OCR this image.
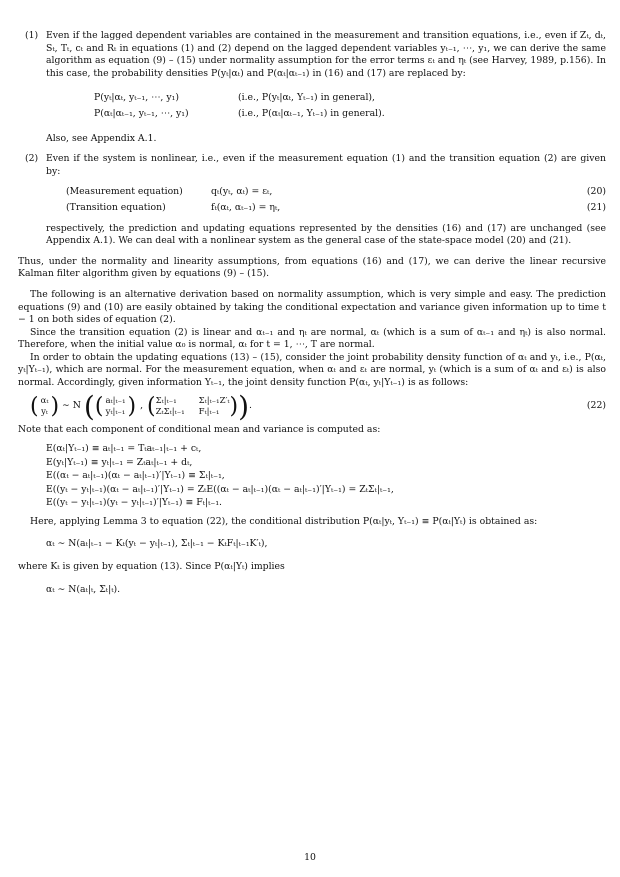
(1) Even if the lagged dependent variables are contained in the measurement and transition equations, i.e., even if Zₜ, dₜ, Sₜ, Tₜ, cₜ and Rₜ in equations (1) and (2) depend on the lagged dependent variables yₜ₋₁, ⋯, y₁, we can derive the same algorithm as equation (9) – (15) under normality assumption for the error terms εₜ and ηₜ (see Harvey, 1989, p.156). In this case, the probability densities P(yₜ|αₜ) and P(αₜ|αₜ₋₁) in (16) and (17) are replaced by:

P(yₜ|αₜ, yₜ₋₁, ⋯, y₁)	(i.e., P(yₜ|αₜ, Yₜ₋₁) in general),
P(αₜ|αₜ₋₁, yₜ₋₁, ⋯, y₁)	(i.e., P(αₜ|αₜ₋₁, Yₜ₋₁) in general).

Also, see Appendix A.1.

(2) Even if the system is nonlinear, i.e., even if the measurement equation (1) and the transition equation (2) are given by:

(Measurement equation)	qₜ(yₜ, αₜ) = εₜ,	(20)
(Transition equation)	fₜ(αₜ, αₜ₋₁) = ηₜ,	(21)

respectively, the prediction and updating equations represented by the densities (16) and (17) are unchanged (see Appendix A.1). We can deal with a nonlinear system as the general case of the state-space model (20) and (21).

Thus, under the normality and linearity assumptions, from equations (16) and (17), we can derive the linear recursive Kalman filter algorithm given by equations (9) – (15).

The following is an alternative derivation based on normality assumption, which is very simple and easy. The prediction equations (9) and (10) are easily obtained by taking the conditional expectation and variance given information up to time t − 1 on both sides of equation (2).

Since the transition equation (2) is linear and αₜ₋₁ and ηₜ are normal, αₜ (which is a sum of αₜ₋₁ and ηₜ) is also normal. Therefore, when the initial value α₀ is normal, αₜ for t = 1, ⋯, T are normal.

In order to obtain the updating equations (13) – (15), consider the joint probability density function of αₜ and yₜ, i.e., P(αₜ, yₜ|Yₜ₋₁), which are normal. For the measurement equation, when αₜ and εₜ are normal, yₜ (which is a sum of αₜ and εₜ) is also normal. Accordingly, given information Yₜ₋₁, the joint density function P(αₜ, yₜ|Yₜ₋₁) is as follows:

( αₜ
yₜ ) ∼ N ( ( aₜ|ₜ₋₁
yₜ|ₜ₋₁ ) , ( Σₜ|ₜ₋₁	Σₜ|ₜ₋₁Z′ₜ
ZₜΣₜ|ₜ₋₁ Fₜ|ₜ₋₁ ) ) .	(22)

Note that each component of conditional mean and variance is computed as:

E(αₜ|Yₜ₋₁) ≡ aₜ|ₜ₋₁ = Tₜaₜ₋₁|ₜ₋₁ + cₜ,
E(yₜ|Yₜ₋₁) ≡ yₜ|ₜ₋₁ = Zₜaₜ|ₜ₋₁ + dₜ,
E((αₜ − aₜ|ₜ₋₁)(αₜ − aₜ|ₜ₋₁)′|Yₜ₋₁) ≡ Σₜ|ₜ₋₁,
E((yₜ − yₜ|ₜ₋₁)(αₜ − aₜ|ₜ₋₁)′|Yₜ₋₁) = ZₜE((αₜ − aₜ|ₜ₋₁)(αₜ − aₜ|ₜ₋₁)′|Yₜ₋₁) = ZₜΣₜ|ₜ₋₁,
E((yₜ − yₜ|ₜ₋₁)(yₜ − yₜ|ₜ₋₁)′|Yₜ₋₁) ≡ Fₜ|ₜ₋₁.

Here, applying Lemma 3 to equation (22), the conditional distribution P(αₜ|yₜ, Yₜ₋₁) ≡ P(αₜ|Yₜ) is obtained as:

αₜ ∼ N(aₜ|ₜ₋₁ − Kₜ(yₜ − yₜ|ₜ₋₁), Σₜ|ₜ₋₁ − KₜFₜ|ₜ₋₁K′ₜ),

where Kₜ is given by equation (13). Since P(αₜ|Yₜ) implies

αₜ ∼ N(aₜ|ₜ, Σₜ|ₜ).
10
